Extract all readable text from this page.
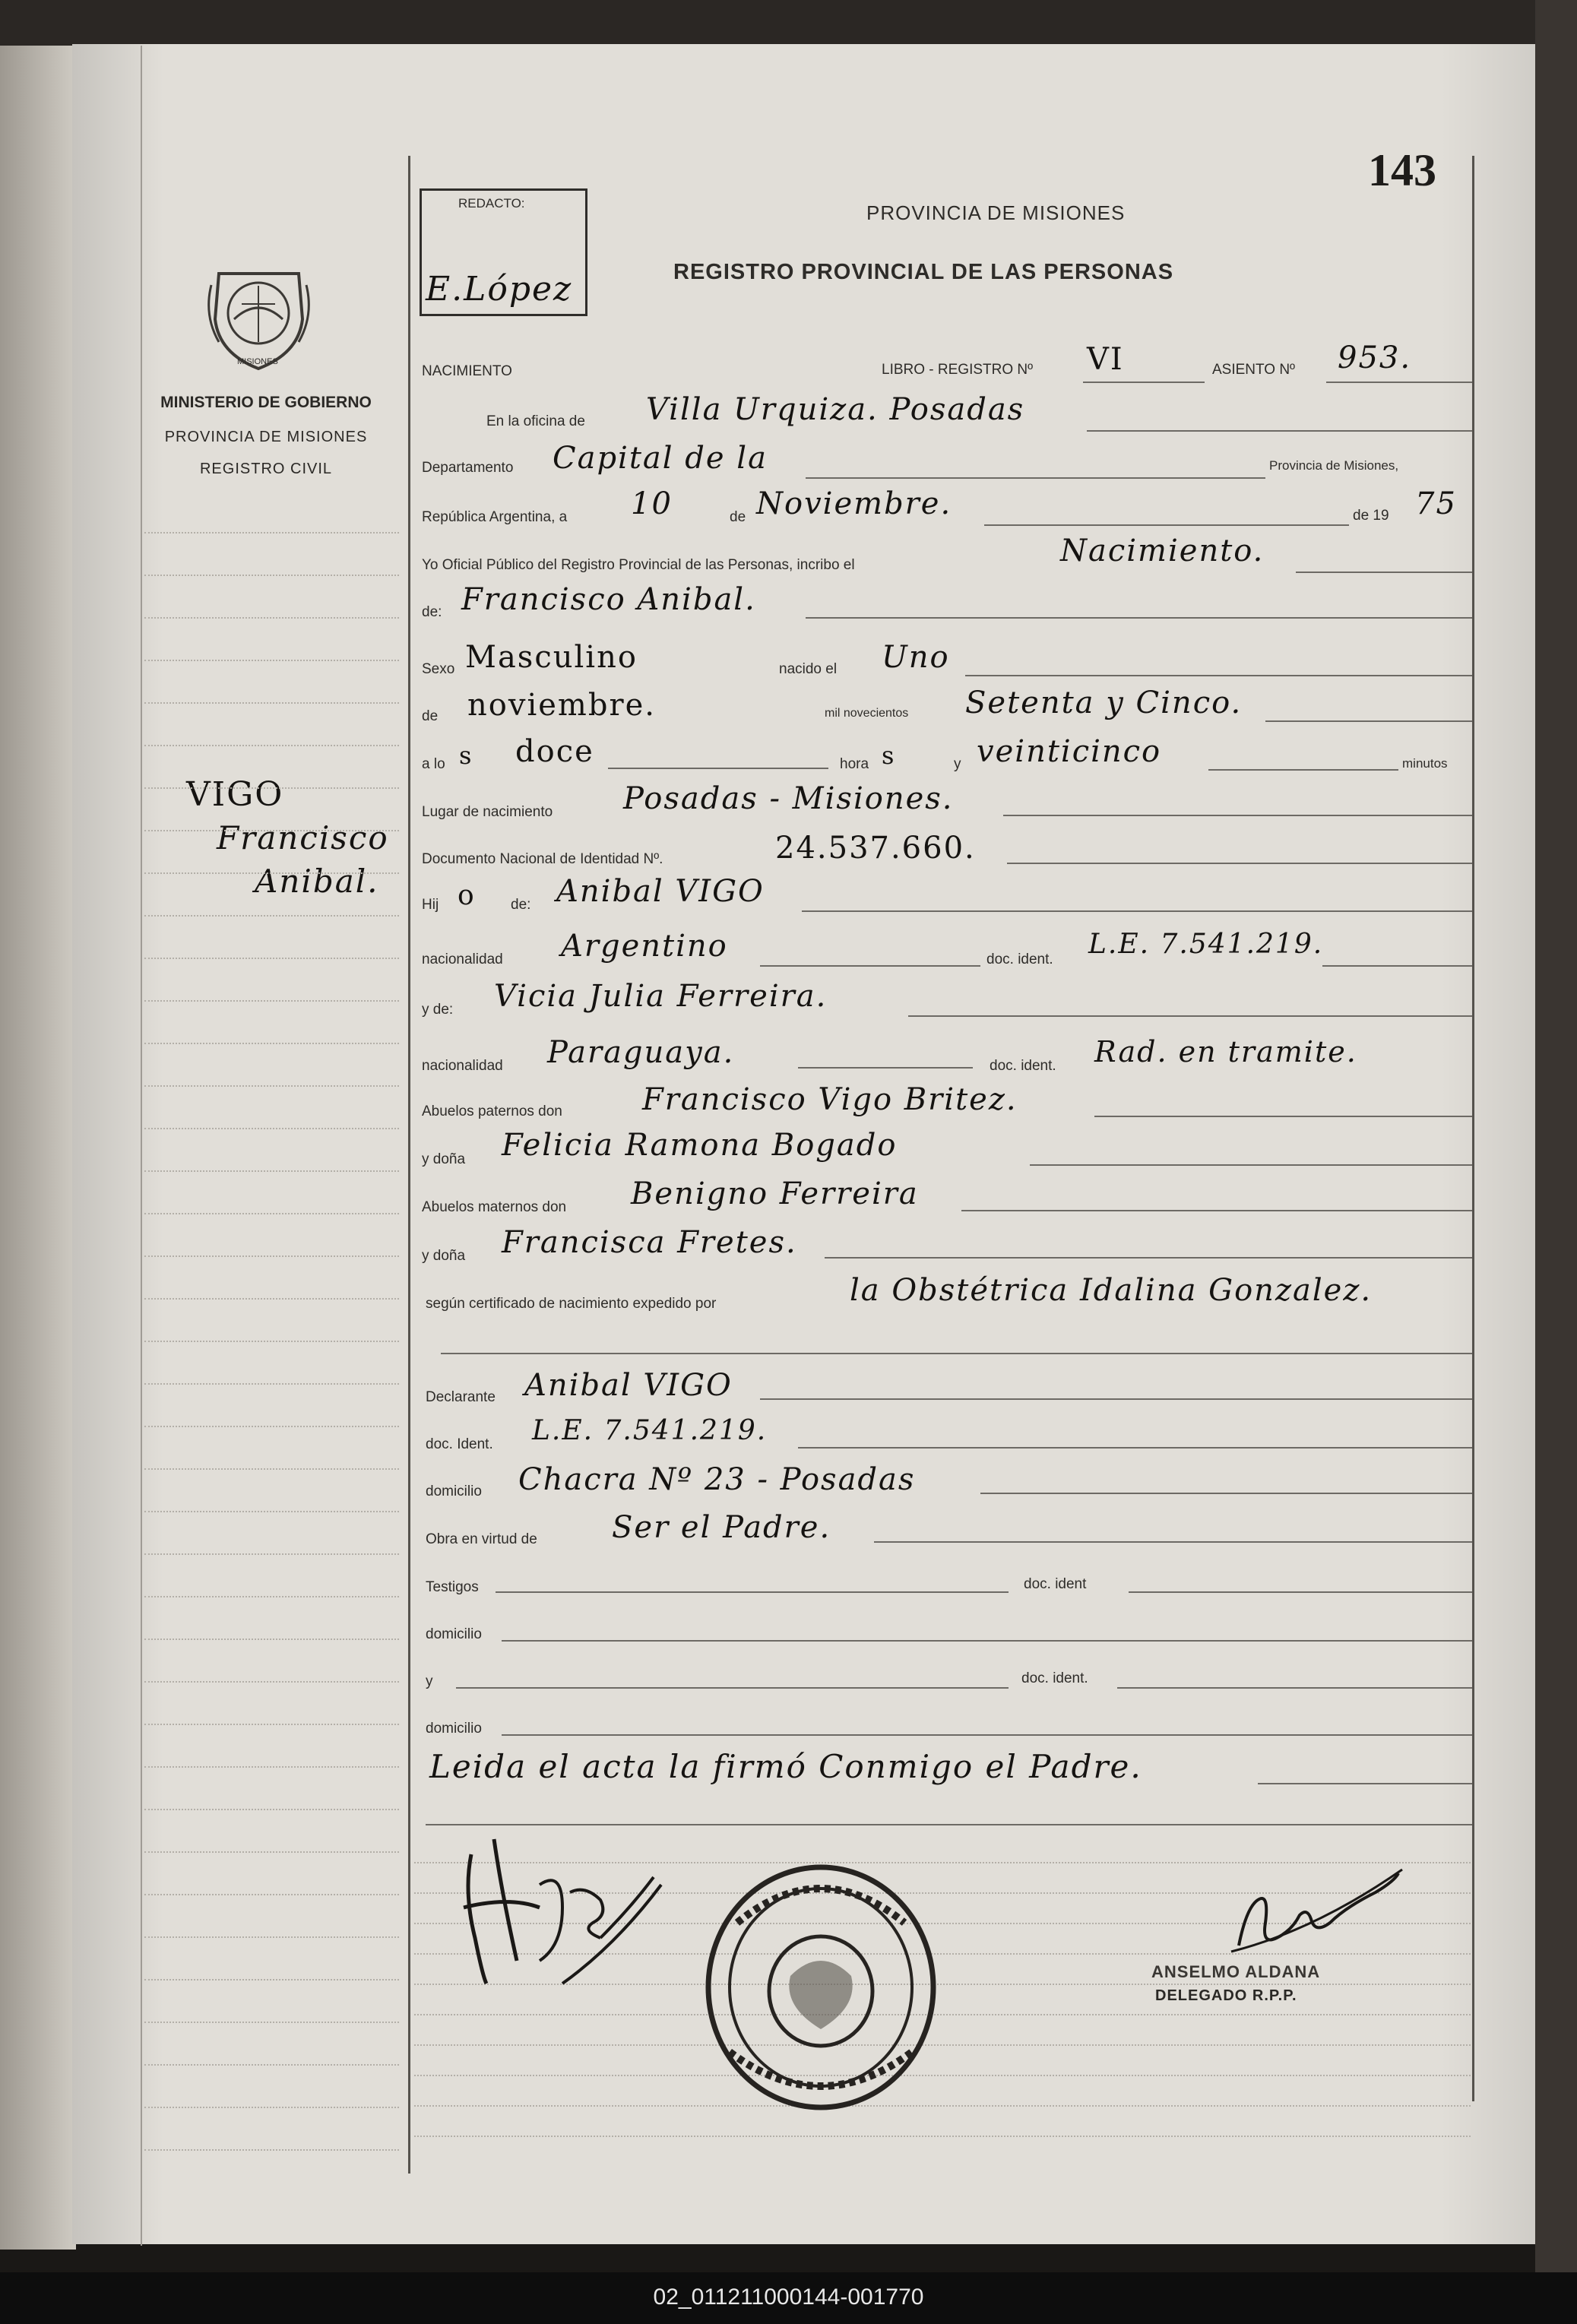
143
MISIONES
MINISTERIO DE GOBIERNO
PROVINCIA DE MISIONES
REGISTRO CIVIL
VIGO
Francisco
Anibal.
REDACTO:
E.López
PROVINCIA DE MISIONES
REGISTRO PROVINCIAL DE LAS PERSONAS
NACIMIENTO	LIBRO - REGISTRO Nº VI	ASIENTO Nº 953.
En la oficina de Villa Urquiza. Posadas
Departamento Capital de la	Provincia de Misiones,
República Argentina, a 10	de Noviembre.	de 19 75
Yo Oficial Público del Registro Provincial de las Personas, incribo el	Nacimiento.
de: Francisco Anibal.
Sexo Masculino	nacido el Uno
de noviembre.	mil novecientos Setenta y Cinco.
a lo s doce	hora s	y veinticinco	minutos
Lugar de nacimiento Posadas - Misiones.
Documento Nacional de Identidad Nº.	24.537.660.
Hij o de: Anibal VIGO
nacionalidad Argentino	doc. ident. L.E. 7.541.219.
y de: Vicia Julia Ferreira.
nacionalidad Paraguaya.	doc. ident. Rad. en tramite.
Abuelos paternos don	Francisco Vigo Britez.
y doña Felicia Ramona Bogado
Abuelos maternos don Benigno Ferreira
y doña Francisca Fretes.
según certificado de nacimiento expedido por	la Obstétrica Idalina Gonzalez.
Declarante Anibal VIGO
doc. Ident. L.E. 7.541.219.
domicilio Chacra Nº 23 - Posadas
Obra en virtud de Ser el Padre.
Testigos	doc. ident
domicilio
y	doc. ident.
domicilio
Leida el acta la firmó Conmigo el Padre.
ANSELMO ALDANA
DELEGADO R.P.P.
02_011211000144-001770
